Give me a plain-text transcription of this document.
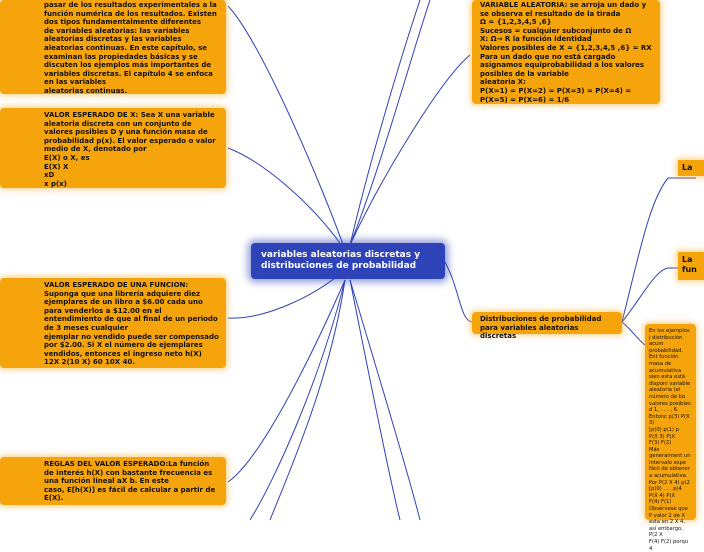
pasar de los resultados experimentales a la función numérica de los resultados. Existen dos tipos fundamentalmente diferentes
de variables aleatorias: las variables aleatorias discretas y las variables
aleatorias continuas. En este capítulo, se examinan las propiedades básicas y se discuten los ejemplos más importantes de variables discretas. El capítulo 4 se enfoca en las variables
aleatorias continuas.
VALOR ESPERADO DE X: Sea X una variable aleatoria discreta con un conjunto de valores posibles D y una función masa de probabilidad p(x). El valor esperado o valor medio de X, denotado por
E(X) o X, es
E(X) X
xD
x p(x)
VALOR ESPERADO DE UNA FUNCION: Suponga que una librería adquiere diez ejemplares de un libro a $6.00 cada uno para venderlos a $12.00 en el entendimiento de que al final de un periodo de 3 meses cualquier
ejemplar no vendido puede ser compensado por $2.00. Si X el número de ejemplares vendidos, entonces el ingreso neto h(X)
12X 2(10 X) 60 10X 40.
REGLAS DEL VALOR ESPERADO:La función de interés h(X) con bastante frecuencia es una función lineal aX b. En este
caso, E[h(X)] es fácil de calcular a partir de E(X).
variables aleatorias discretas y distribuciones de probabilidad
VARIABLE ALEATORIA: se arroja un dado y se observa el resultado de la tirada
Ω = {1,2,3,4,5 ,6}
Sucesos = cualquier subconjunto de Ω
X: Ω→ R la función identidad
Valores posibles de X = {1,2,3,4,5 ,6} = RX
Para un dado que no está cargado asignamos equiprobabilidad a los valores posibles de la variable
aleatoria X:
P(X=1) = P(X=2) = P(X=3) = P(X=4) =
P(X=5) = P(X=6) = 1/6
Distribuciones de probabilidad para variables aleatorias discretas
La
La
fun
En los ejemplos j distribución acum probabilidad. Ent función masa de acumulativa sien esta está disponi variable aleatoria (el número de bo valores posibles d 1, . . . , 6. Entonc p(3) P(X 3)
[p(0) p(1) p
P(X 3) P(X
F(3) F(2)
Más generalment un intervalo espe fácil de obtener a acumulativa. Por P(2 X 4) p(2
[p(0) . . . p(4
P(X 4) P(X
F(4) F(1)
Obsérvese que P valor 2 de X esta en 2 X 4, así embargo, P(2 X
F(4) F(2) porqu
4
